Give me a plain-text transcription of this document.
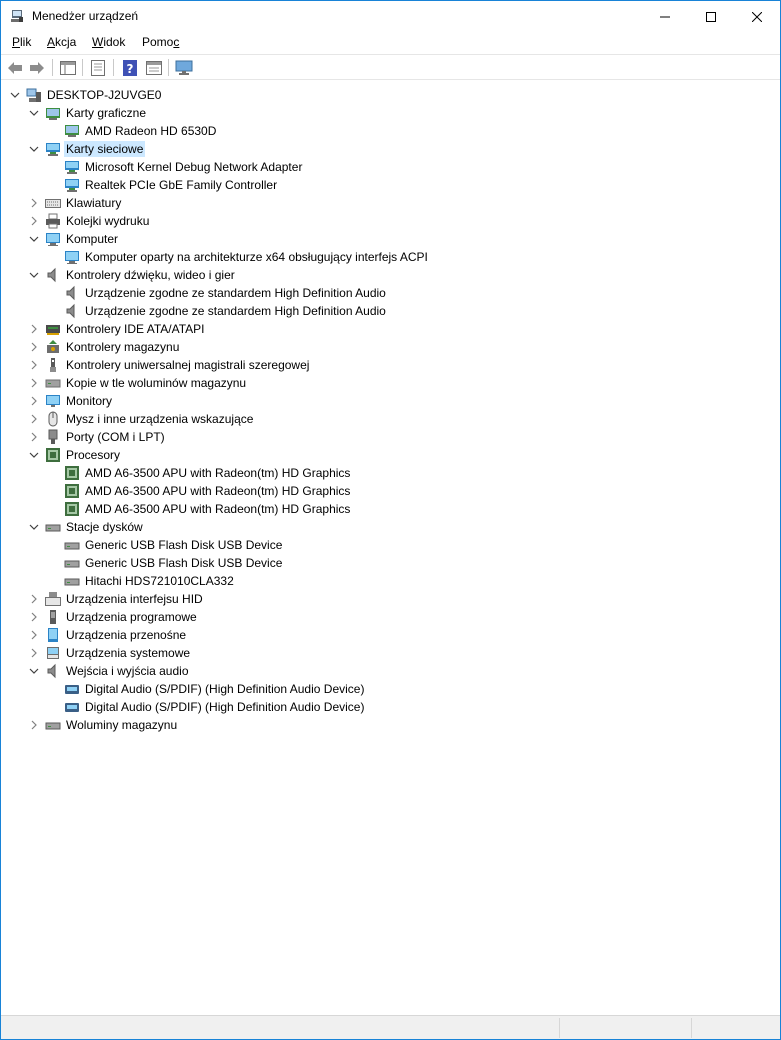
Menedżer urządzeń
Plik Akcja Widok Pomoc
?
DESKTOP-J2UVGE0
Karty graficzne
AMD Radeon HD 6530D
Karty sieciowe
Microsoft Kernel Debug Network Adapter
Realtek PCIe GbE Family Controller
Klawiatury
Kolejki wydruku
Komputer
Komputer oparty na architekturze x64 obsługujący interfejs ACPI
Kontrolery dźwięku, wideo i gier
Urządzenie zgodne ze standardem High Definition Audio
Urządzenie zgodne ze standardem High Definition Audio
Kontrolery IDE ATA/ATAPI
Kontrolery magazynu
Kontrolery uniwersalnej magistrali szeregowej
Kopie w tle woluminów magazynu
Monitory
Mysz i inne urządzenia wskazujące
Porty (COM i LPT)
Procesory
AMD A6-3500 APU with Radeon(tm) HD Graphics
AMD A6-3500 APU with Radeon(tm) HD Graphics
AMD A6-3500 APU with Radeon(tm) HD Graphics
Stacje dysków
Generic USB Flash Disk USB Device
Generic USB Flash Disk USB Device
Hitachi HDS721010CLA332
Urządzenia interfejsu HID
Urządzenia programowe
Urządzenia przenośne
Urządzenia systemowe
Wejścia i wyjścia audio
Digital Audio (S/PDIF) (High Definition Audio Device)
Digital Audio (S/PDIF) (High Definition Audio Device)
Woluminy magazynu
